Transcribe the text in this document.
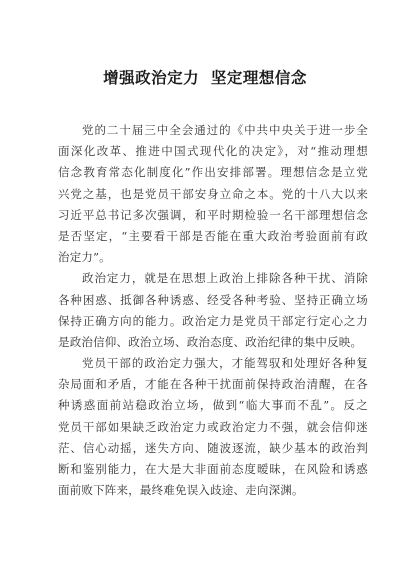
增强政治定力  坚定理想信念
党的二十届三中全会通过的《中共中央关于进一步全
面深化改革、推进中国式现代化的决定》，对“推动理想
信念教育常态化制度化”作出安排部署。理想信念是立党
兴党之基，也是党员干部安身立命之本。党的十八大以来
习近平总书记多次强调，和平时期检验一名干部理想信念
是否坚定，“主要看干部是否能在重大政治考验面前有政
治定力”。
政治定力，就是在思想上政治上排除各种干扰、消除
各种困惑、抵御各种诱惑、经受各种考验、坚持正确立场
保持正确方向的能力。政治定力是党员干部定行定心之力
是政治信仰、政治立场、政治态度、政治纪律的集中反映。
党员干部的政治定力强大，才能驾驭和处理好各种复
杂局面和矛盾，才能在各种干扰面前保持政治清醒，在各
种诱惑面前站稳政治立场，做到“临大事而不乱”。反之
党员干部如果缺乏政治定力或政治定力不强，就会信仰迷
茫、信心动摇，迷失方向、随波逐流，缺少基本的政治判
断和鉴别能力，在大是大非面前态度暧昧，在风险和诱惑
面前败下阵来，最终难免误入歧途、走向深渊。
